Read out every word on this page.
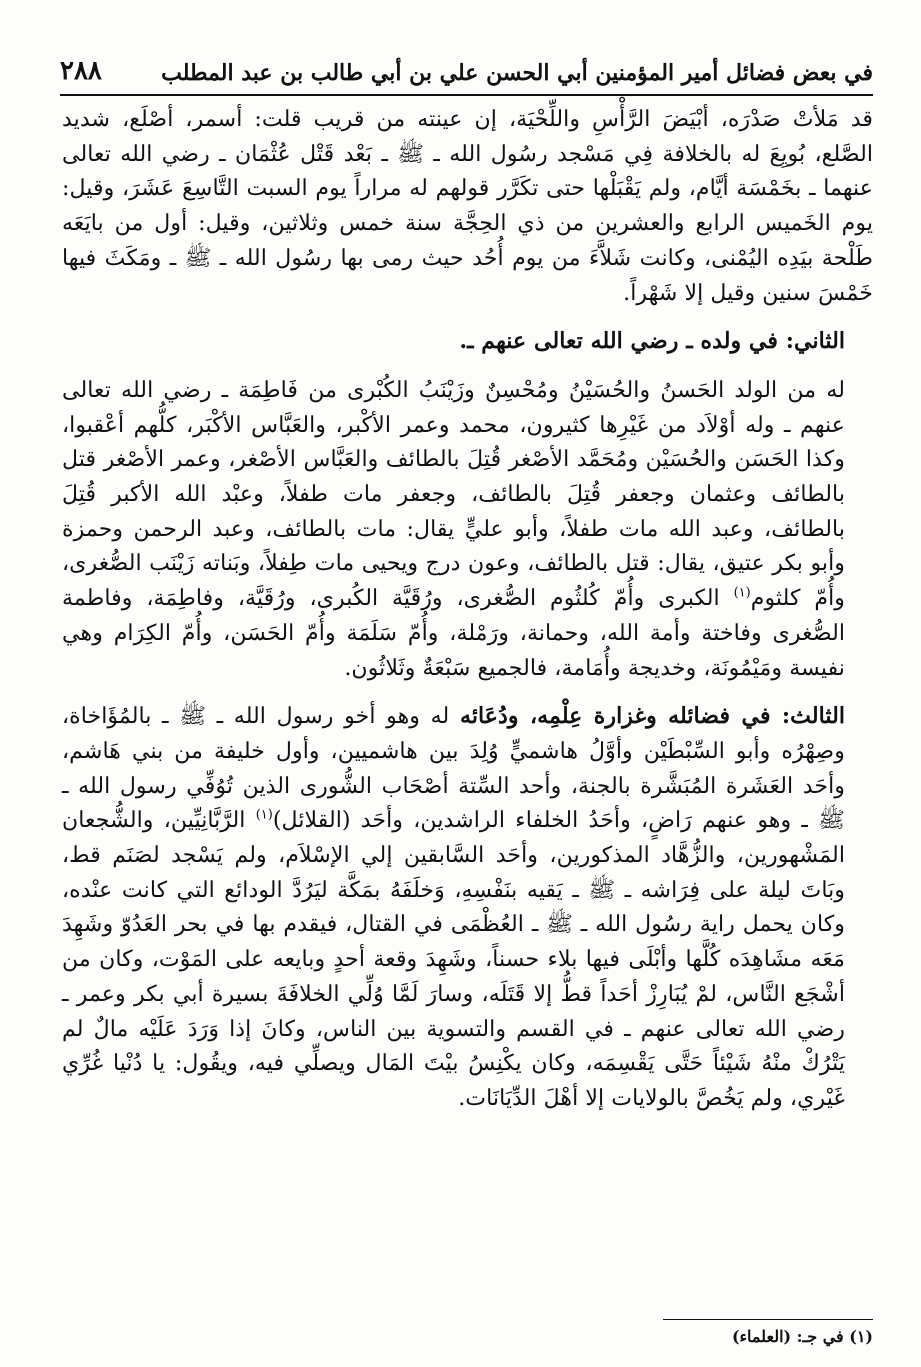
في بعض فضائل أمير المؤمنين أبي الحسن علي بن أبي طالب بن عبد المطلب
٢٨٨

قد مَلأتْ صَدْرَه، أبْيَضَ الرَّأْسِ واللِّحْيَة، إن عينته من قريب قلت: أسمر، أصْلَع، شديد الصَّلع، بُويِعَ له بالخلافة فِي مَسْجد رسُول الله ـ ﷺ ـ بَعْد قَتْل عُثْمَان ـ رضي الله تعالى عنهما ـ بخَمْسَة أيَّام، ولم يَقْبَلْها حتى تكَرَّر قولهم له مراراً يوم السبت التَّاسِعَ عَشَرَ، وقيل: يوم الخَميس الرابع والعشرين من ذي الحِجَّة سنة خمس وثلاثين، وقيل: أول من بايَعَه طَلْحة بيَدِه اليُمْنى، وكانت شَلاَّءَ من يوم أُحُد حيث رمى بها رسُول الله ـ ﷺ ـ ومَكَثَ فيها خَمْسَ سنين وقيل إلا شَهْراً.

الثاني: في ولده ـ رضي الله تعالى عنهم ـ.

له من الولد الحَسنُ والحُسَيْنُ ومُحْسِنٌ وزَيْنَبُ الكُبْرى من فَاطِمَة ـ رضي الله تعالى عنهم ـ وله أوْلاَد من غَيْرِها كثيرون، محمد وعمر الأكْبر، والعَبَّاس الأكْبَر، كلُّهم أعْقبوا، وكذا الحَسَن والحُسَيْن ومُحَمَّد الأصْغر قُتِلَ بالطائف والعَبَّاس الأصْغر، وعمر الأصْغر قتل بالطائف وعثمان وجعفر قُتِلَ بالطائف، وجعفر مات طفلاً، وعبْد الله الأكبر قُتِلَ بالطائف، وعبد الله مات طفلاً، وأبو عليٍّ يقال: مات بالطائف، وعبد الرحمن وحمزة وأبو بكر عتيق، يقال: قتل بالطائف، وعون درج ويحيى مات طِفلاً، وبَناته زَيْنَب الصُّغرى، وأُمّ كلثوم$^{(١)}$ الكبرى وأُمّ كُلثُوم الصُّغرى، ورُقَيَّة الكُبرى، ورُقَيَّة، وفاطِمَة، وفاطمة الصُّغرى وفاختة وأمة الله، وحمانة، ورَمْلة، وأُمّ سَلَمَة وأُمّ الحَسَن، وأُمّ الكِرَام وهي نفيسة ومَيْمُونَة، وخديجة وأُمَامة، فالجميع سَبْعَةٌ وثَلاثُون.

الثالث: في فضائله وغزارة عِلْمِه، ودُعَائه له وهو أخو رسول الله ـ ﷺ ـ بالمُؤَاخاة، وصِهْرُه وأبو السِّبْطَيْن وأوَّلُ هاشميٍّ وُلِدَ بين هاشميين، وأول خليفة من بني هَاشم، وأحَد العَشَرة المُبَشَّرة بالجنة، وأحد السِّتة أصْحَاب الشُّورى الذين تُوُفِّي رسول الله ـ ﷺ ـ وهو عنهم رَاضٍ، وأحَدُ الخلفاء الراشدين، وأحَد (القلائل)$^{(١)}$ الرَّبَّانِيِّين، والشُّجعان المَشْهورين، والزُّهَّاد المذكورين، وأحَد السَّابقين إلي الإسْلاَم، ولم يَسْجد لصَنَم قط، وبَاتَ ليلة على فِرَاشه ـ ﷺ ـ يَقيه بنَفْسِهِ، وَخلَفَهُ بمَكَّة ليَرُدَّ الودائع التي كانت عنْده، وكان يحمل راية رسُول الله ـ ﷺ ـ العُظْمَى في القتال، فيقدم بها في بحر العَدُوّ وشَهِدَ مَعَه مشَاهِدَه كُلَّها وأبْلَى فيها بلاء حسناً، وشَهِدَ وقعة أحدٍ وبايعه على المَوْت، وكان من أشْجَع النَّاس، لمْ يُبَارِزْ أحَداً قطُّ إلا قَتَلَه، وسارَ لَمَّا وُلِّي الخلافَةَ بسيرة أبي بكر وعمر ـ رضي الله تعالى عنهم ـ في القسم والتسوية بين الناس، وكانَ إذا وَرَدَ عَلَيْه مالٌ لم يَتْرُكْ منْهُ شَيْئاً حَتَّى يَقْسِمَه، وكان يكْنِسُ بيْتَ المَال ويصلِّي فيه، ويقُول: يا دُنْيا غُرِّي غَيْري، ولم يَخُصَّ بالولايات إلا أهْلَ الدِّيَانَات.

(١) في جـ: (العلماء)
